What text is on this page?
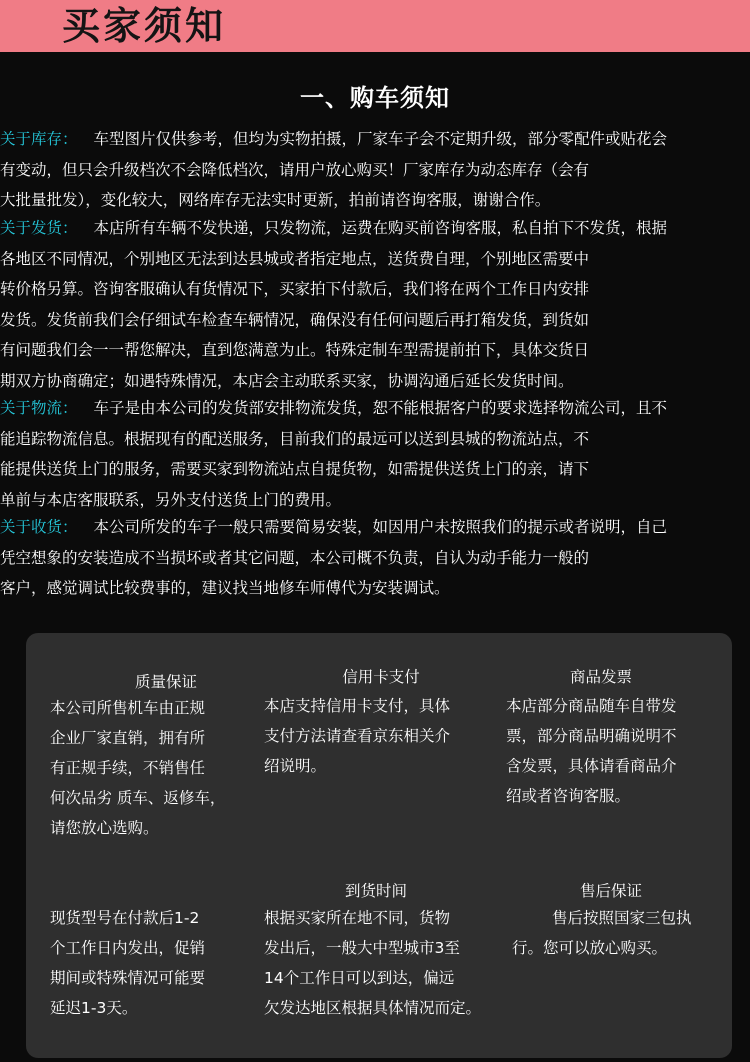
买家须知
一、购车须知
关于库存： 车型图片仅供参考，但均为实物拍摄，厂家车子会不定期升级，部分零配件或贴花会
有变动，但只会升级档次不会降低档次，请用户放心购买！厂家库存为动态库存（会有
大批量批发），变化较大，网络库存无法实时更新，拍前请咨询客服，谢谢合作。
关于发货： 本店所有车辆不发快递，只发物流，运费在购买前咨询客服，私自拍下不发货，根据
各地区不同情况，个别地区无法到达县城或者指定地点，送货费自理，个别地区需要中
转价格另算。咨询客服确认有货情况下，买家拍下付款后，我们将在两个工作日内安排
发货。发货前我们会仔细试车检查车辆情况，确保没有任何问题后再打箱发货，到货如
有问题我们会一一帮您解决，直到您满意为止。特殊定制车型需提前拍下，具体交货日
期双方协商确定；如遇特殊情况，本店会主动联系买家，协调沟通后延长发货时间。
关于物流： 车子是由本公司的发货部安排物流发货，恕不能根据客户的要求选择物流公司，且不
能追踪物流信息。根据现有的配送服务，目前我们的最远可以送到县城的物流站点，不
能提供送货上门的服务，需要买家到物流站点自提货物，如需提供送货上门的亲，请下
单前与本店客服联系，另外支付送货上门的费用。
关于收货： 本公司所发的车子一般只需要简易安装，如因用户未按照我们的提示或者说明，自己
凭空想象的安装造成不当损坏或者其它问题，本公司概不负责，自认为动手能力一般的
客户，感觉调试比较费事的，建议找当地修车师傅代为安装调试。
质量保证
本公司所售机车由正规
企业厂家直销，拥有所
有正规手续，不销售任
何次品劣 质车、返修车，
请您放心选购。
信用卡支付
本店支持信用卡支付，具体
支付方法请查看京东相关介
绍说明。
商品发票
本店部分商品随车自带发
票，部分商品明确说明不
含发票，具体请看商品介
绍或者咨询客服。
现货型号在付款后1-2
个工作日内发出，促销
期间或特殊情况可能要
延迟1-3天。
到货时间
根据买家所在地不同，货物
发出后，一般大中型城市3至
14个工作日可以到达，偏远
欠发达地区根据具体情况而定。
售后保证
售后按照国家三包执
行。您可以放心购买。
